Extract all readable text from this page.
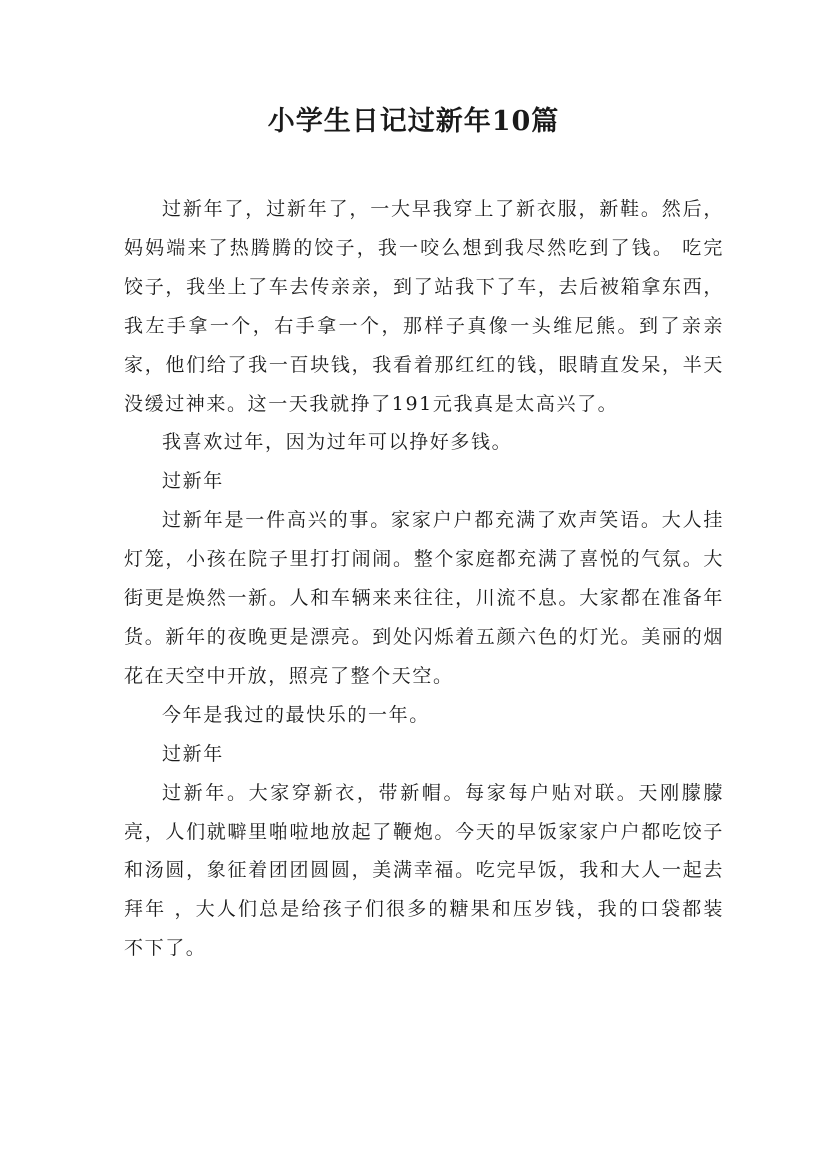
小学生日记过新年10篇

过新年了，过新年了，一大早我穿上了新衣服，新鞋。然后，妈妈端来了热腾腾的饺子，我一咬么想到我尽然吃到了钱。 吃完饺子，我坐上了车去传亲亲，到了站我下了车，去后被箱拿东西，我左手拿一个，右手拿一个，那样子真像一头维尼熊。到了亲亲家，他们给了我一百块钱，我看着那红红的钱，眼睛直发呆，半天没缓过神来。这一天我就挣了191元我真是太高兴了。

我喜欢过年，因为过年可以挣好多钱。

过新年

过新年是一件高兴的事。家家户户都充满了欢声笑语。大人挂灯笼，小孩在院子里打打闹闹。整个家庭都充满了喜悦的气氛。大街更是焕然一新。人和车辆来来往往，川流不息。大家都在准备年货。新年的夜晚更是漂亮。到处闪烁着五颜六色的灯光。美丽的烟花在天空中开放，照亮了整个天空。

今年是我过的最快乐的一年。

过新年

过新年。大家穿新衣，带新帽。每家每户贴对联。天刚朦朦亮，人们就噼里啪啦地放起了鞭炮。今天的早饭家家户户都吃饺子和汤圆，象征着团团圆圆，美满幸福。吃完早饭，我和大人一起去拜年 ，大人们总是给孩子们很多的糖果和压岁钱，我的口袋都装不下了。
